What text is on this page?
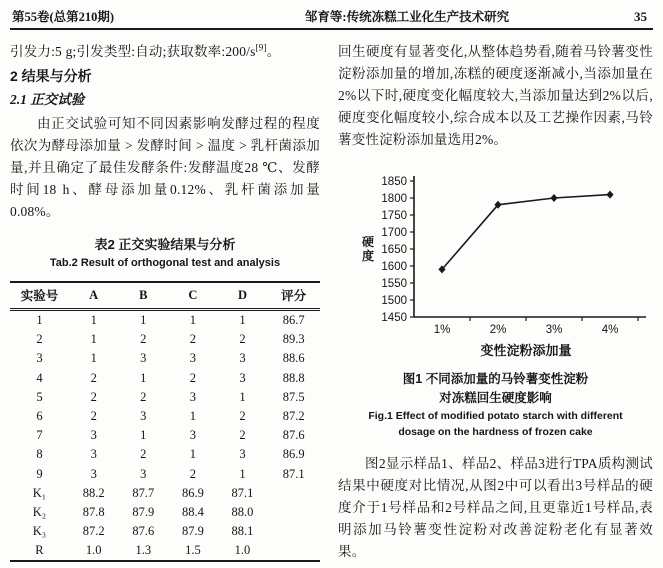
第55卷(总第210期)	邹育等:传统冻糕工业化生产技术研究	35

引发力:5 g;引发类型:自动;获取数率:200/s[9]。

2 结果与分析

2.1 正交试验

由正交试验可知不同因素影响发酵过程的程度依次为酵母添加量 > 发酵时间 > 温度 > 乳杆菌添加量,并且确定了最佳发酵条件:发酵温度28 ℃、发酵时间18 h、酵母添加量0.12%、乳杆菌添加量0.08%。

表2 正交实验结果与分析

Tab.2 Result of orthogonal test and analysis

实验号	A	B	C	D	评分
1	1	1	1	1	86.7
2	1	2	2	2	89.3
3	1	3	3	3	88.6
4	2	1	2	3	88.8
5	2	2	3	1	87.5
6	2	3	1	2	87.2
7	3	1	3	2	87.6
8	3	2	1	3	86.9
9	3	3	2	1	87.1
K₁	88.2	87.7	86.9	87.1	
K₂	87.8	87.9	88.4	88.0	
K₃	87.2	87.6	87.9	88.1	
R	1.0	1.3	1.5	1.0	

回生硬度有显著变化,从整体趋势看,随着马铃薯变性淀粉添加量的增加,冻糕的硬度逐渐减小,当添加量在2%以下时,硬度变化幅度较大,当添加量达到2%以后,硬度变化幅度较小,综合成本以及工艺操作因素,马铃薯变性淀粉添加量选用2%。

1450
1500
1550
1600
1650
1700
1750
1800
1850
1%	2%	3%	4%
硬
度
变性淀粉添加量

图1 不同添加量的马铃薯变性淀粉

对冻糕回生硬度影响

Fig.1 Effect of modified potato starch with different

dosage on the hardness of frozen cake

图2显示样品1、样品2、样品3进行TPA质构测试结果中硬度对比情况,从图2中可以看出3号样品的硬度介于1号样品和2号样品之间,且更靠近1号样品,表明添加马铃薯变性淀粉对改善淀粉老化有显著效果。
